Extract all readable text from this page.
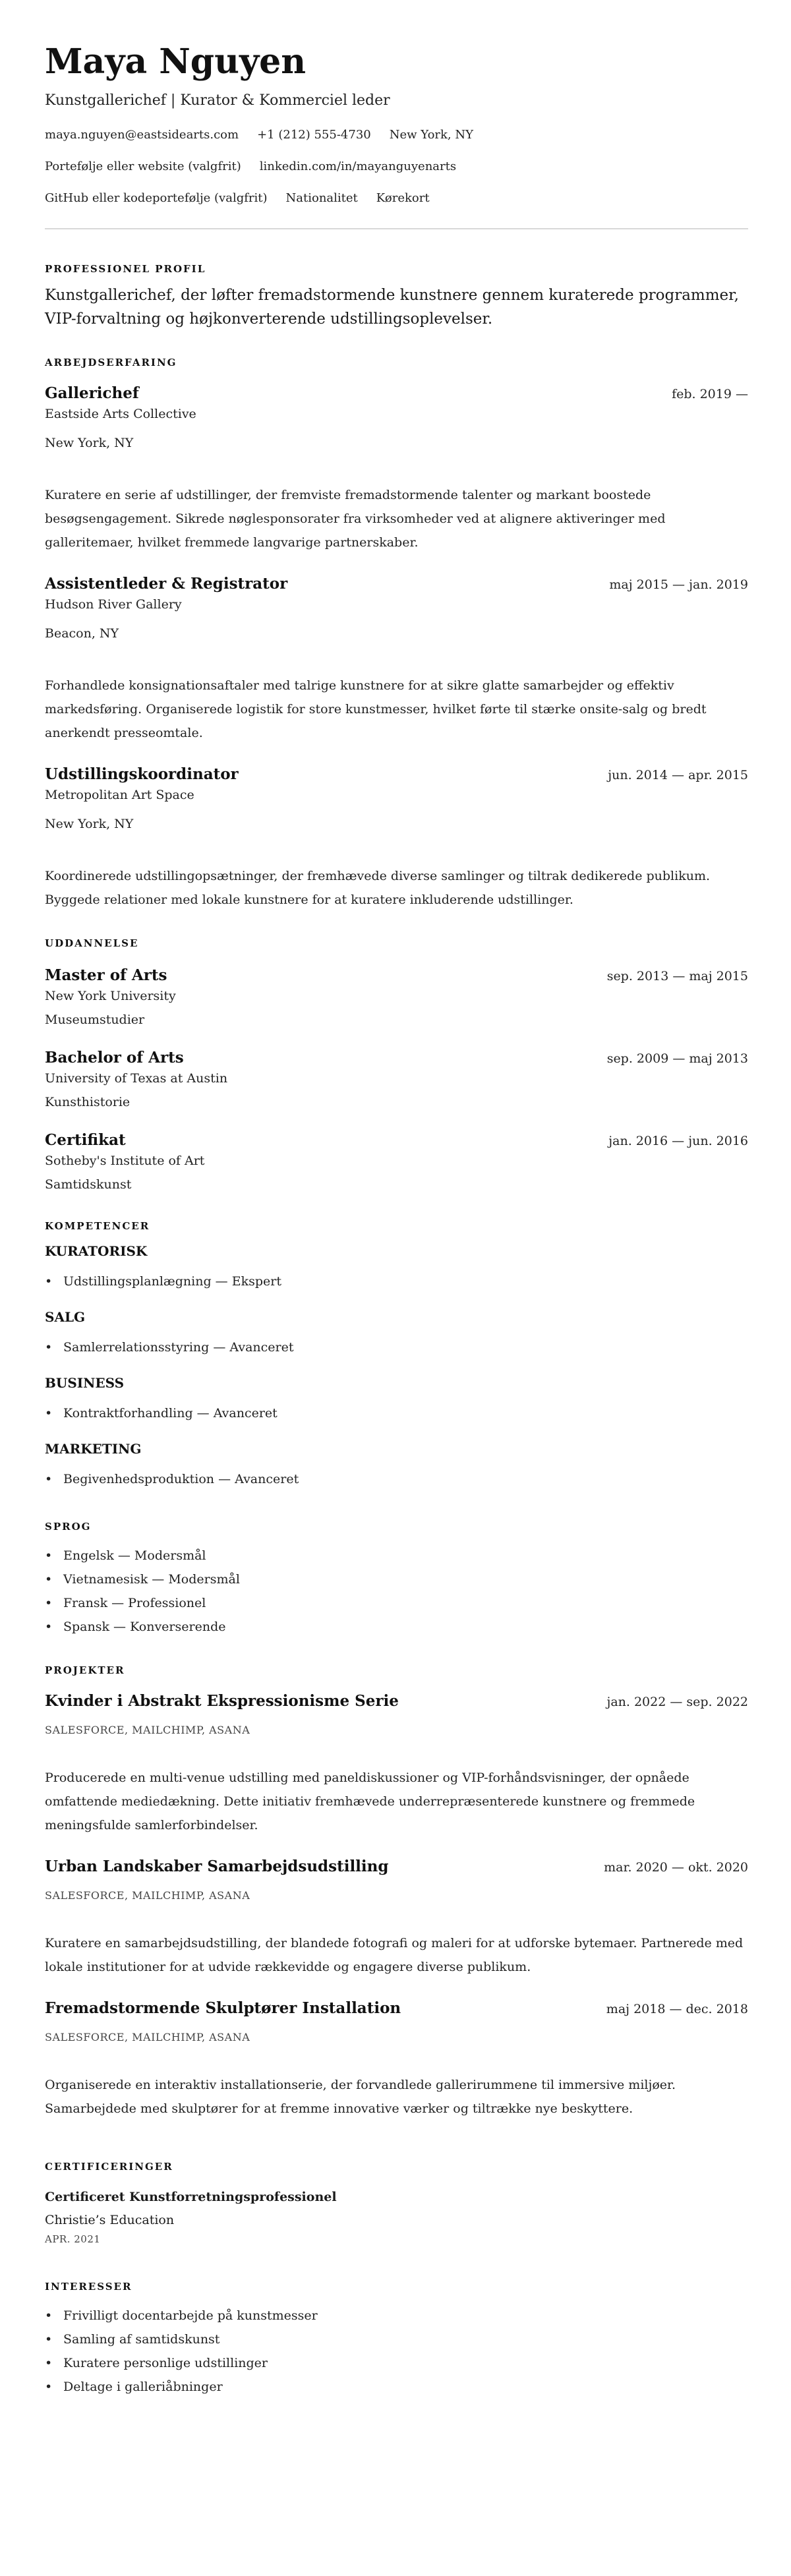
Maya Nguyen
Kunstgallerichef | Kurator & Kommerciel leder
maya.nguyen@eastsidearts.com +1 (212) 555-4730 New York, NY
Portefølje eller website (valgfrit) linkedin.com/in/mayanguyenarts
GitHub eller kodeportefølje (valgfrit) Nationalitet Kørekort
PROFESSIONEL PROFIL

Kunstgallerichef, der løfter fremadstormende kunstnere gennem kuraterede programmer, VIP-forvaltning og højkonverterende udstillingsoplevelser.

ARBEJDSERFARING
Gallerichef	feb. 2019 —
Eastside Arts Collective
New York, NY

Kuratere en serie af udstillinger, der fremviste fremadstormende talenter og markant boostede besøgsengagement. Sikrede nøglesponsorater fra virksomheder ved at alignere aktiveringer med galleritemaer, hvilket fremmede langvarige partnerskaber.

Assistentleder & Registrator	maj 2015 — jan. 2019
Hudson River Gallery
Beacon, NY

Forhandlede konsignationsaftaler med talrige kunstnere for at sikre glatte samarbejder og effektiv markedsføring. Organiserede logistik for store kunstmesser, hvilket førte til stærke onsite-salg og bredt anerkendt presseomtale.

Udstillingskoordinator	jun. 2014 — apr. 2015
Metropolitan Art Space
New York, NY

Koordinerede udstillingopsætninger, der fremhævede diverse samlinger og tiltrak dedikerede publikum. Byggede relationer med lokale kunstnere for at kuratere inkluderende udstillinger.

UDDANNELSE
Master of Arts	sep. 2013 — maj 2015
New York University
Museumstudier
Bachelor of Arts	sep. 2009 — maj 2013
University of Texas at Austin
Kunsthistorie
Certifikat	jan. 2016 — jun. 2016
Sotheby's Institute of Art
Samtidskunst
KOMPETENCER
KURATORISK
• Udstillingsplanlægning — Ekspert
SALG
• Samlerrelationsstyring — Avanceret
BUSINESS
• Kontraktforhandling — Avanceret
MARKETING
• Begivenhedsproduktion — Avanceret
SPROG
• Engelsk — Modersmål
• Vietnamesisk — Modersmål
• Fransk — Professionel
• Spansk — Konverserende
PROJEKTER
Kvinder i Abstrakt Ekspressionisme Serie	jan. 2022 — sep. 2022
SALESFORCE, MAILCHIMP, ASANA

Producerede en multi-venue udstilling med paneldiskussioner og VIP-forhåndsvisninger, der opnåede omfattende mediedækning. Dette initiativ fremhævede underrepræsenterede kunstnere og fremmede meningsfulde samlerforbindelser.

Urban Landskaber Samarbejdsudstilling	mar. 2020 — okt. 2020
SALESFORCE, MAILCHIMP, ASANA

Kuratere en samarbejdsudstilling, der blandede fotografi og maleri for at udforske bytemaer. Partnerede med lokale institutioner for at udvide rækkevidde og engagere diverse publikum.

Fremadstormende Skulptører Installation	maj 2018 — dec. 2018
SALESFORCE, MAILCHIMP, ASANA

Organiserede en interaktiv installationserie, der forvandlede gallerirummene til immersive miljøer. Samarbejdede med skulptører for at fremme innovative værker og tiltrække nye beskyttere.

CERTIFICERINGER
Certificeret Kunstforretningsprofessionel
Christie’s Education
APR. 2021
INTERESSER
• Frivilligt docentarbejde på kunstmesser
• Samling af samtidskunst
• Kuratere personlige udstillinger
• Deltage i galleriåbninger
